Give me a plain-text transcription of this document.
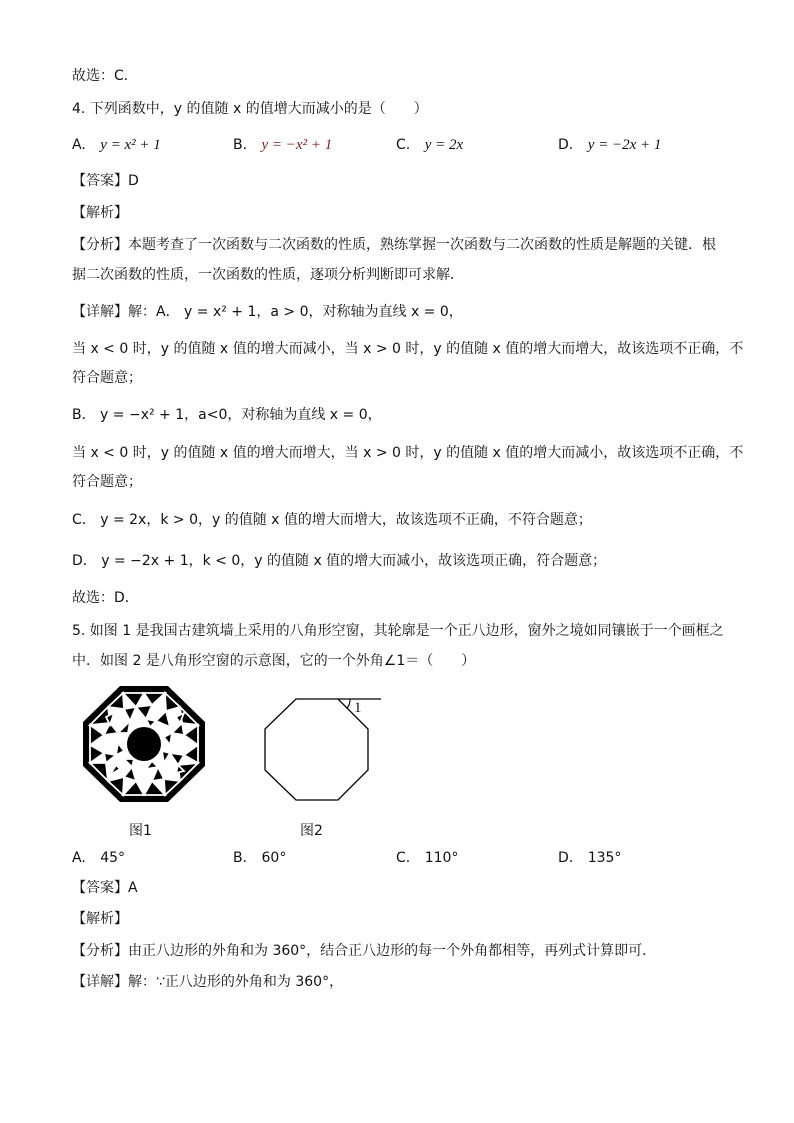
故选：C．
4. 下列函数中，y 的值随 x 的值增大而减小的是（　　）
A. y = x² + 1	B. y = −x² + 1	C. y = 2x	D. y = −2x + 1
【答案】D
【解析】
【分析】本题考查了一次函数与二次函数的性质，熟练掌握一次函数与二次函数的性质是解题的关键．根
据二次函数的性质，一次函数的性质，逐项分析判断即可求解．
【详解】解：A． y = x² + 1，a > 0，对称轴为直线 x = 0，
当 x < 0 时，y 的值随 x 值的增大而减小，当 x > 0 时，y 的值随 x 值的增大而增大，故该选项不正确，不
符合题意；
B． y = −x² + 1，a<0，对称轴为直线 x = 0，
当 x < 0 时，y 的值随 x 值的增大而增大，当 x > 0 时，y 的值随 x 值的增大而减小，故该选项不正确，不
符合题意；
C． y = 2x，k > 0，y 的值随 x 值的增大而增大，故该选项不正确，不符合题意；
D． y = −2x + 1，k < 0，y 的值随 x 值的增大而减小，故该选项正确，符合题意；
故选：D．
5. 如图 1 是我国古建筑墙上采用的八角形空窗，其轮廓是一个正八边形，窗外之境如同镶嵌于一个画框之
中．如图 2 是八角形空窗的示意图，它的一个外角∠1＝（　　）
1
图1	图2
A. 45°	B. 60°	C. 110°	D. 135°
【答案】A
【解析】
【分析】由正八边形的外角和为 360°，结合正八边形的每一个外角都相等，再列式计算即可．
【详解】解：∵正八边形的外角和为 360°，
